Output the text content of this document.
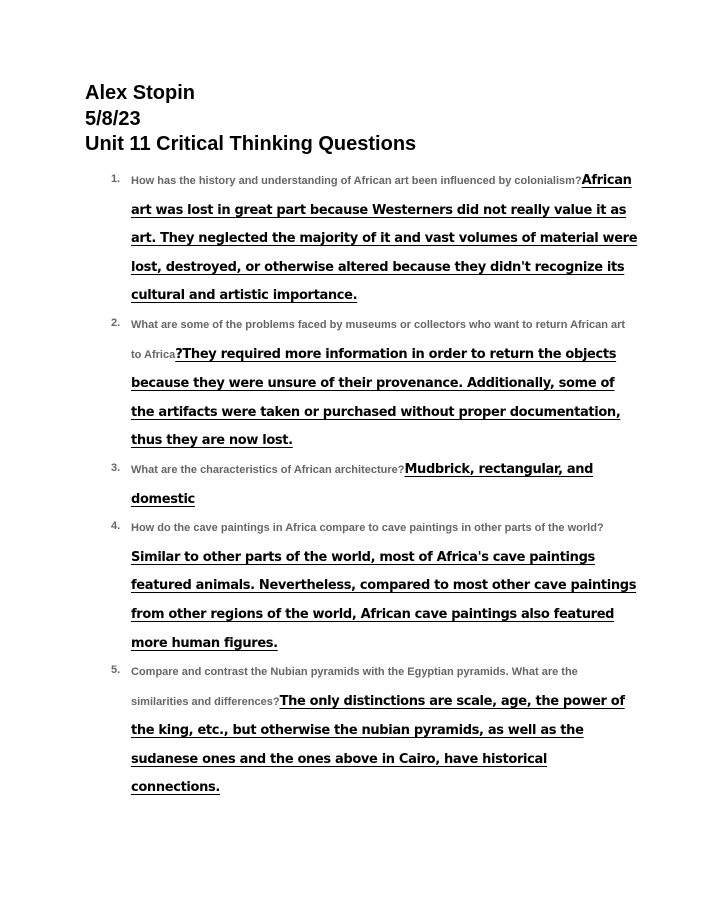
Alex Stopin
5/8/23
Unit 11 Critical Thinking Questions
1. How has the history and understanding of African art been influenced by colonialism?African art was lost in great part because Westerners did not really value it as art. They neglected the majority of it and vast volumes of material were lost, destroyed, or otherwise altered because they didn't recognize its cultural and artistic importance.
2. What are some of the problems faced by museums or collectors who want to return African art to Africa?They required more information in order to return the objects because they were unsure of their provenance. Additionally, some of the artifacts were taken or purchased without proper documentation, thus they are now lost.
3. What are the characteristics of African architecture?Mudbrick, rectangular, and domestic
4. How do the cave paintings in Africa compare to cave paintings in other parts of the world?
Similar to other parts of the world, most of Africa's cave paintings featured animals. Nevertheless, compared to most other cave paintings from other regions of the world, African cave paintings also featured more human figures.
5. Compare and contrast the Nubian pyramids with the Egyptian pyramids. What are the similarities and differences?The only distinctions are scale, age, the power of the king, etc., but otherwise the nubian pyramids, as well as the sudanese ones and the ones above in Cairo, have historical connections.
